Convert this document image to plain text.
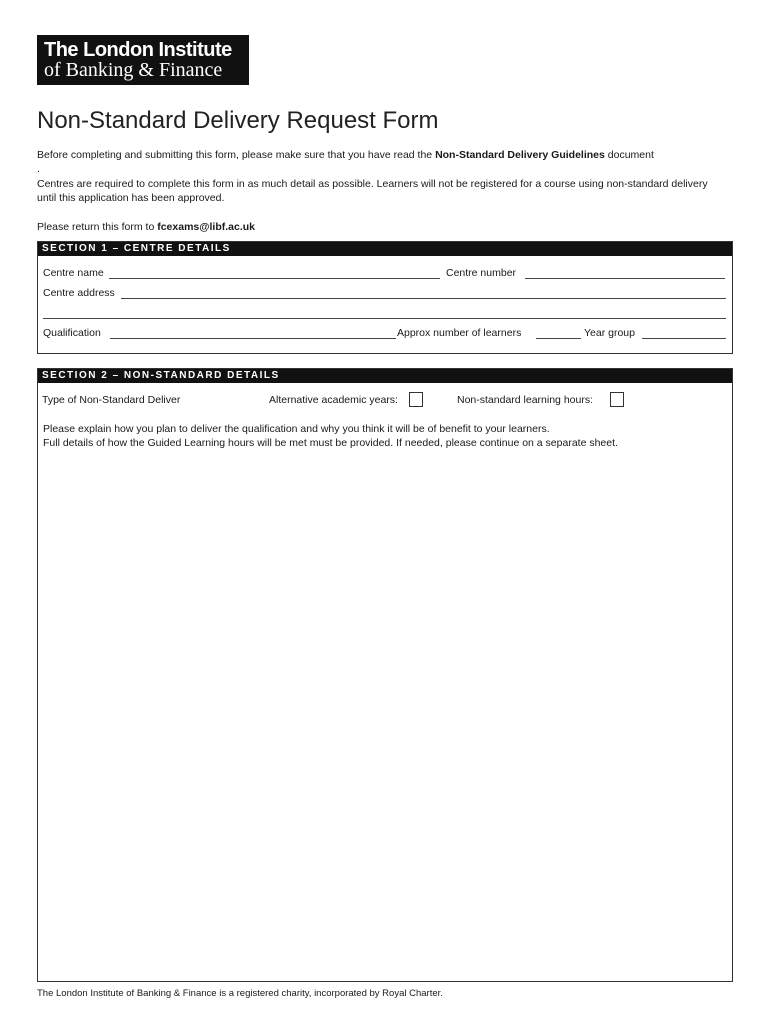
The London Institute
of Banking & Finance
Non-Standard Delivery Request Form
Before completing and submitting this form, please make sure that you have read the Non-Standard Delivery Guidelines document
.

Centres are required to complete this form in as much detail as possible. Learners will not be registered for a course using non-standard delivery until this application has been approved.

Please return this form to fcexams@libf.ac.uk
SECTION 1 – CENTRE DETAILS
Centre name	Centre number
Centre address
Qualification	Approx number of learners	Year group
SECTION 2 – NON-STANDARD DETAILS
Type of Non-Standard Deliver	Alternative academic years:	Non-standard learning hours:
Please explain how you plan to deliver the qualification and why you think it will be of benefit to your learners.
Full details of how the Guided Learning hours will be met must be provided. If needed, please continue on a separate sheet.
The London Institute of Banking & Finance is a registered charity, incorporated by Royal Charter.
